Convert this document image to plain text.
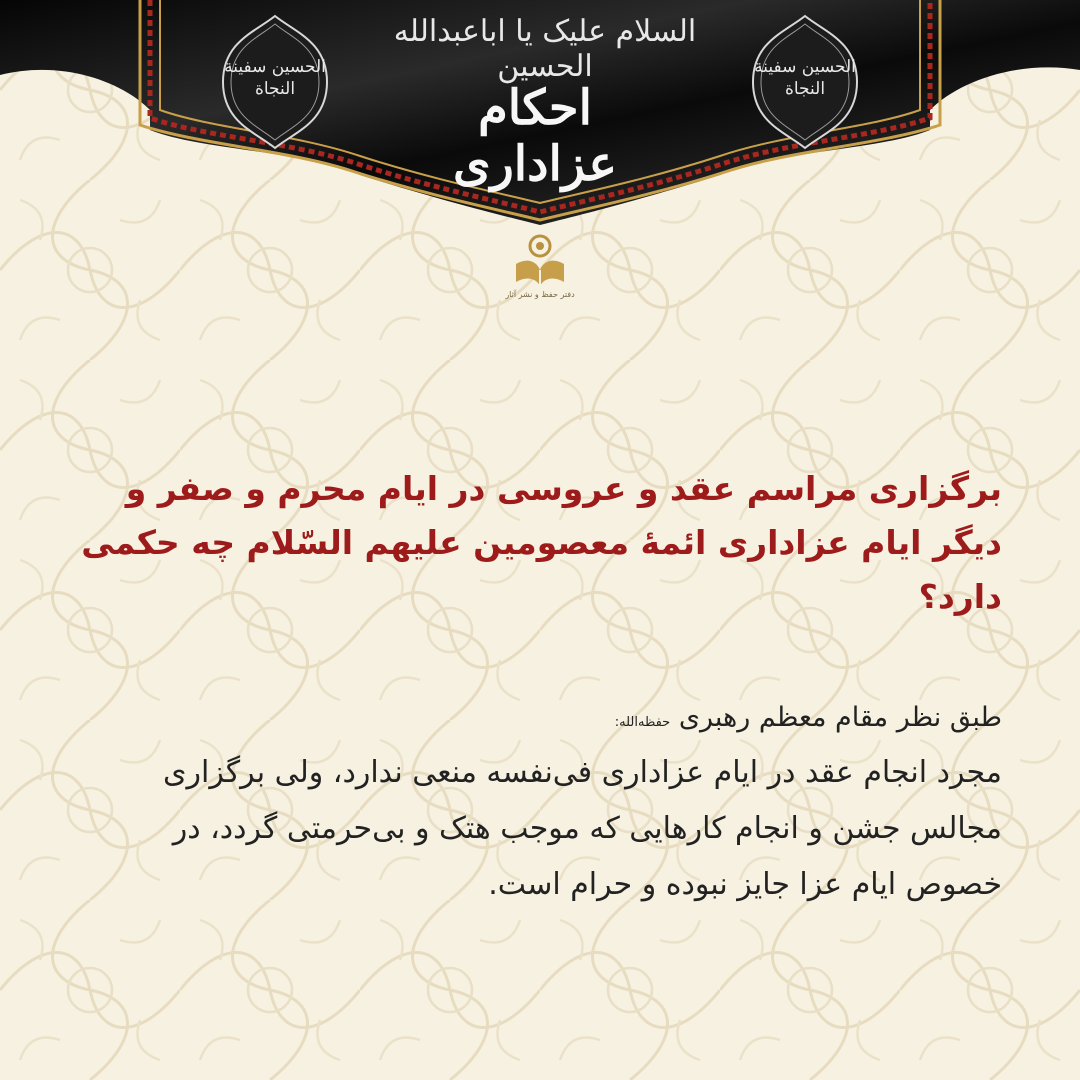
السلام علیک یا اباعبدالله الحسین
احکام عزاداری
الحسین سفینة النجاة
الحسین سفینة النجاة
دفتر حفظ و نشر آثار
برگزاری مراسم عقد و عروسی در ایام محرم و صفر و دیگر ایام عزاداری ائمهٔ معصومین علیهم السّلام چه حکمی دارد؟
طبق نظر مقام معظم رهبری حفظه‌الله:
مجرد انجام عقد در ایام عزاداری فی‌نفسه منعی ندارد، ولی برگزاری مجالس جشن و انجام کارهایی که موجب هتک و بی‌حرمتی گردد، در خصوص ایام عزا جایز نبوده و حرام است.
